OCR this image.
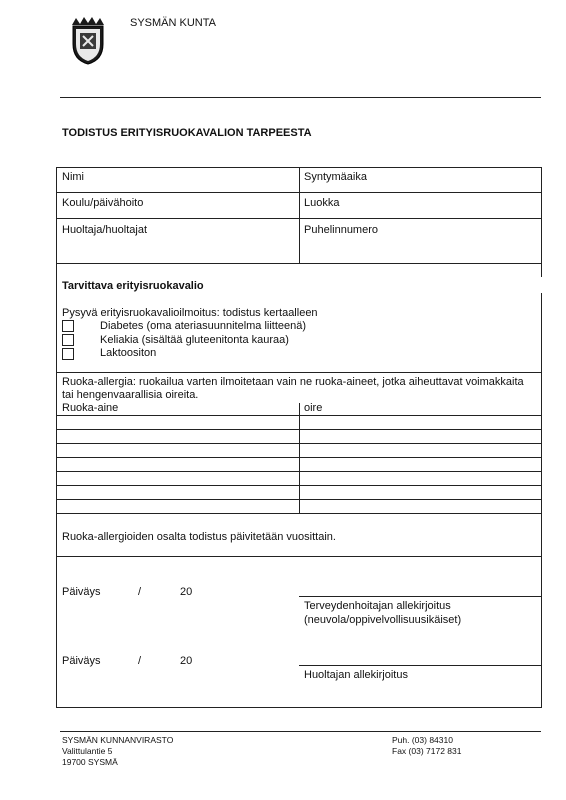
SYSMÄN KUNTA
TODISTUS ERITYISRUOKAVALION TARPEESTA
Nimi	Syntymäaika
Koulu/päivähoito	Luokka
Huoltaja/huoltajat	Puhelinnumero
Tarvittava erityisruokavalio
Pysyvä erityisruokavalioilmoitus: todistus kertaalleen
Diabetes (oma ateriasuunnitelma liitteenä)
Keliakia (sisältää gluteenitonta kauraa)
Laktoositon
Ruoka-allergia: ruokailua varten ilmoitetaan vain ne ruoka-aineet, jotka aiheuttavat voimakkaita
tai hengenvaarallisia oireita.
Ruoka-aine	oire
Ruoka-allergioiden osalta todistus päivitetään vuosittain.
Päiväys	/	20
Terveydenhoitajan allekirjoitus
(neuvola/oppivelvollisuusikäiset)
Päiväys	/	20
Huoltajan allekirjoitus
SYSMÄN KUNNANVIRASTO
Valittulantie 5
19700 SYSMÄ
Puh. (03) 84310
Fax (03) 7172 831
